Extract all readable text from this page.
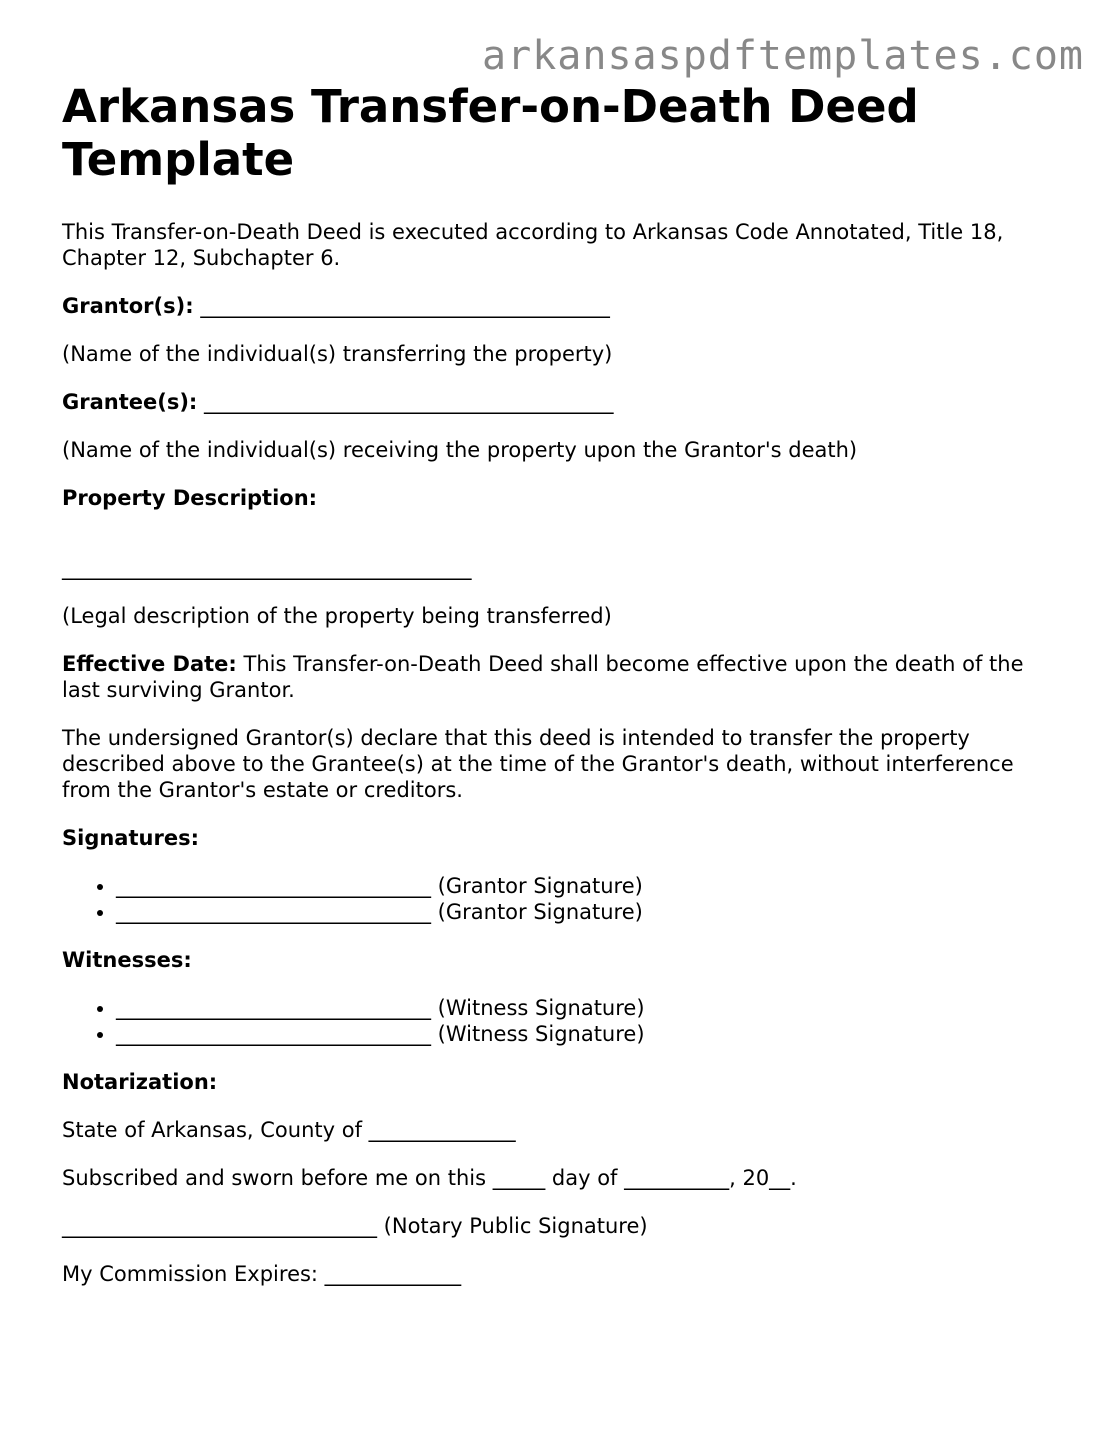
arkansaspdftemplates.com
Arkansas Transfer-on-Death Deed Template

This Transfer-on-Death Deed is executed according to Arkansas Code Annotated, Title 18, Chapter 12, Subchapter 6.

Grantor(s): _______________________________________

(Name of the individual(s) transferring the property)

Grantee(s): _______________________________________

(Name of the individual(s) receiving the property upon the Grantor's death)

Property Description:

_______________________________________

(Legal description of the property being transferred)

Effective Date: This Transfer-on-Death Deed shall become effective upon the death of the last surviving Grantor.

The undersigned Grantor(s) declare that this deed is intended to transfer the property described above to the Grantee(s) at the time of the Grantor's death, without interference from the Grantor's estate or creditors.

Signatures:

• ______________________________ (Grantor Signature)
• ______________________________ (Grantor Signature)

Witnesses:

• ______________________________ (Witness Signature)
• ______________________________ (Witness Signature)

Notarization:

State of Arkansas, County of ______________

Subscribed and sworn before me on this _____ day of __________, 20__.

______________________________ (Notary Public Signature)

My Commission Expires: _____________
